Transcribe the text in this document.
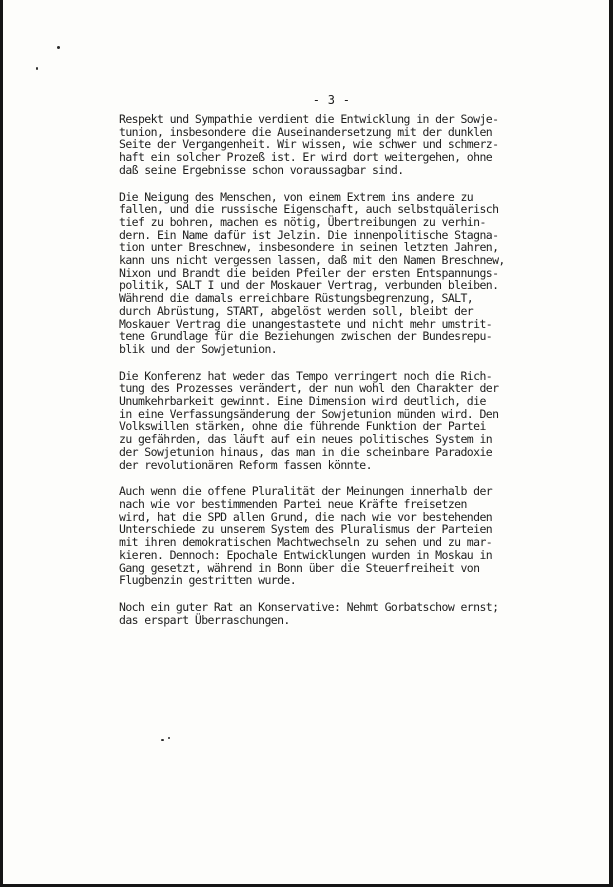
- 3 -

Respekt und Sympathie verdient die Entwicklung in der Sowje-
tunion, insbesondere die Auseinandersetzung mit der dunklen
Seite der Vergangenheit. Wir wissen, wie schwer und schmerz-
haft ein solcher Prozeß ist. Er wird dort weitergehen, ohne
daß seine Ergebnisse schon voraussagbar sind.

Die Neigung des Menschen, von einem Extrem ins andere zu
fallen, und die russische Eigenschaft, auch selbstquälerisch
tief zu bohren, machen es nötig, Übertreibungen zu verhin-
dern. Ein Name dafür ist Jelzin. Die innenpolitische Stagna-
tion unter Breschnew, insbesondere in seinen letzten Jahren,
kann uns nicht vergessen lassen, daß mit den Namen Breschnew,
Nixon und Brandt die beiden Pfeiler der ersten Entspannungs-
politik, SALT I und der Moskauer Vertrag, verbunden bleiben.
Während die damals erreichbare Rüstungsbegrenzung, SALT,
durch Abrüstung, START, abgelöst werden soll, bleibt der
Moskauer Vertrag die unangestastete und nicht mehr umstrit-
tene Grundlage für die Beziehungen zwischen der Bundesrepu-
blik und der Sowjetunion.

Die Konferenz hat weder das Tempo verringert noch die Rich-
tung des Prozesses verändert, der nun wohl den Charakter der
Unumkehrbarkeit gewinnt. Eine Dimension wird deutlich, die
in eine Verfassungsänderung der Sowjetunion münden wird. Den
Volkswillen stärken, ohne die führende Funktion der Partei
zu gefährden, das läuft auf ein neues politisches System in
der Sowjetunion hinaus, das man in die scheinbare Paradoxie
der revolutionären Reform fassen könnte.

Auch wenn die offene Pluralität der Meinungen innerhalb der
nach wie vor bestimmenden Partei neue Kräfte freisetzen
wird, hat die SPD allen Grund, die nach wie vor bestehenden
Unterschiede zu unserem System des Pluralismus der Parteien
mit ihren demokratischen Machtwechseln zu sehen und zu mar-
kieren. Dennoch: Epochale Entwicklungen wurden in Moskau in
Gang gesetzt, während in Bonn über die Steuerfreiheit von
Flugbenzin gestritten wurde.

Noch ein guter Rat an Konservative: Nehmt Gorbatschow ernst;
das erspart Überraschungen.
